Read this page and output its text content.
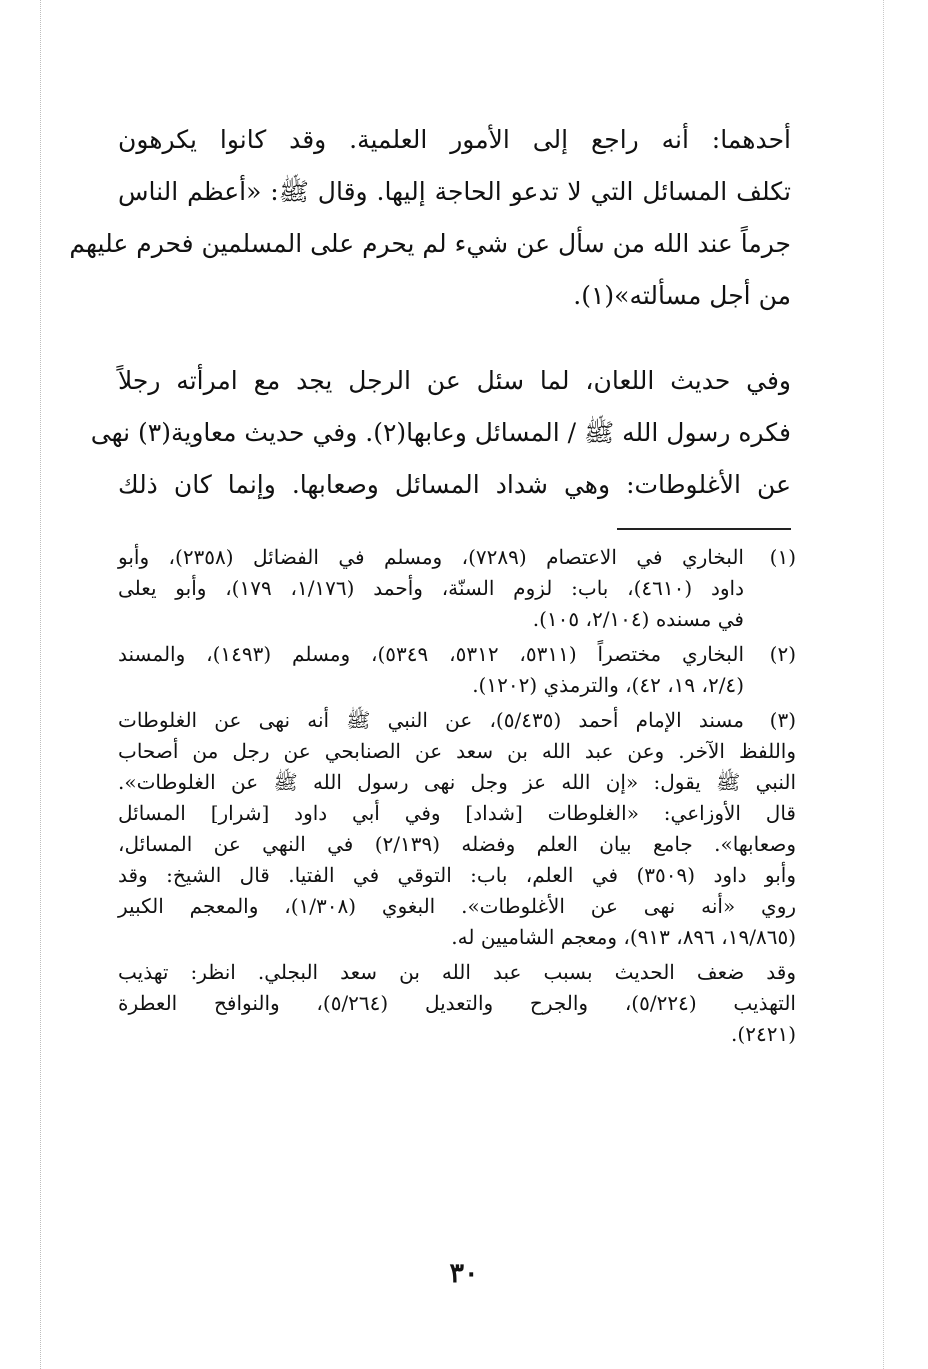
أحدهما: أنه راجع إلى الأمور العلمية. وقد كانوا يكرهون
تكلف المسائل التي لا تدعو الحاجة إليها. وقال ﷺ: «أعظم الناس
جرماً عند الله من سأل عن شيء لم يحرم على المسلمين فحرم عليهم
من أجل مسألته»(١).
وفي حديث اللعان، لما سئل عن الرجل يجد مع امرأته رجلاً
فكره رسول الله ﷺ / المسائل وعابها(٢). وفي حديث معاوية(٣) نهى
عن الأغلوطات: وهي شداد المسائل وصعابها. وإنما كان ذلك
(١)
البخاري في الاعتصام (٧٢٨٩)، ومسلم في الفضائل (٢٣٥٨)، وأبو
داود (٤٦١٠)، باب: لزوم السنّة، وأحمد (١/١٧٦، ١٧٩)، وأبو يعلى
في مسنده (٢/١٠٤، ١٠٥).
(٢)
البخاري مختصراً (٥٣١١، ٥٣١٢، ٥٣٤٩)، ومسلم (١٤٩٣)، والمسند
(٢/٤، ١٩، ٤٢)، والترمذي (١٢٠٢).
(٣)
مسند الإمام أحمد (٥/٤٣٥)، عن النبي ﷺ أنه نهى عن الغلوطات
واللفظ الآخر. وعن عبد الله بن سعد عن الصنابحي عن رجل من أصحاب
النبي ﷺ يقول: «إن الله عز وجل نهى رسول الله ﷺ عن الغلوطات».
قال الأوزاعي: «الغلوطات [شداد] وفي أبي داود [شرار] المسائل
وصعابها». جامع بيان العلم وفضله (٢/١٣٩) في النهي عن المسائل،
وأبو داود (٣٥٠٩) في العلم، باب: التوقي في الفتيا. قال الشيخ: وقد
روي «أنه نهى عن الأغلوطات». البغوي (١/٣٠٨)، والمعجم الكبير
(١٩/٨٦٥، ٨٩٦، ٩١٣)، ومعجم الشاميين له.
وقد ضعف الحديث بسبب عبد الله بن سعد البجلي. انظر: تهذيب
التهذيب (٥/٢٢٤)، والجرح والتعديل (٥/٢٦٤)، والنوافح العطرة
(٢٤٢١).
٣٠
